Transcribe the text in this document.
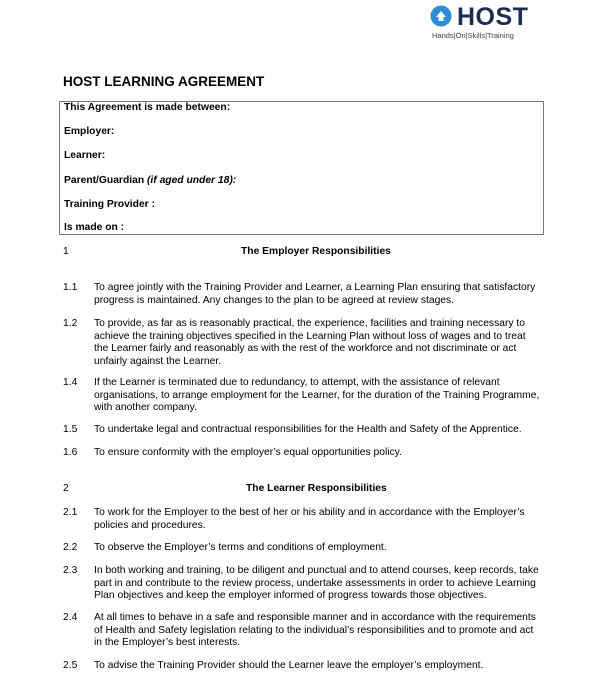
HOST
Hands|On|Skills|Training
HOST LEARNING AGREEMENT
This Agreement is made between:
Employer:
Learner:
Parent/Guardian (if aged under 18):
Training Provider :
Is made on :
1	The Employer Responsibilities
1.1 To agree jointly with the Training Provider and Learner, a Learning Plan ensuring that satisfactory progress is maintained. Any changes to the plan to be agreed at review stages.
1.2 To provide, as far as is reasonably practical, the experience, facilities and training necessary to achieve the training objectives specified in the Learning Plan without loss of wages and to treat the Learner fairly and reasonably as with the rest of the workforce and not discriminate or act unfairly against the Learner.
1.4 If the Learner is terminated due to redundancy, to attempt, with the assistance of relevant organisations, to arrange employment for the Learner, for the duration of the Training Programme, with another company.
1.5 To undertake legal and contractual responsibilities for the Health and Safety of the Apprentice.
1.6 To ensure conformity with the employer’s equal opportunities policy.
2	The Learner Responsibilities
2.1 To work for the Employer to the best of her or his ability and in accordance with the Employer’s policies and procedures.
2.2 To observe the Employer’s terms and conditions of employment.
2.3 In both working and training, to be diligent and punctual and to attend courses, keep records, take part in and contribute to the review process, undertake assessments in order to achieve Learning Plan objectives and keep the employer informed of progress towards those objectives.
2.4 At all times to behave in a safe and responsible manner and in accordance with the requirements of Health and Safety legislation relating to the individual’s responsibilities and to promote and act in the Employer’s best interests.
2.5 To advise the Training Provider should the Learner leave the employer’s employment.
